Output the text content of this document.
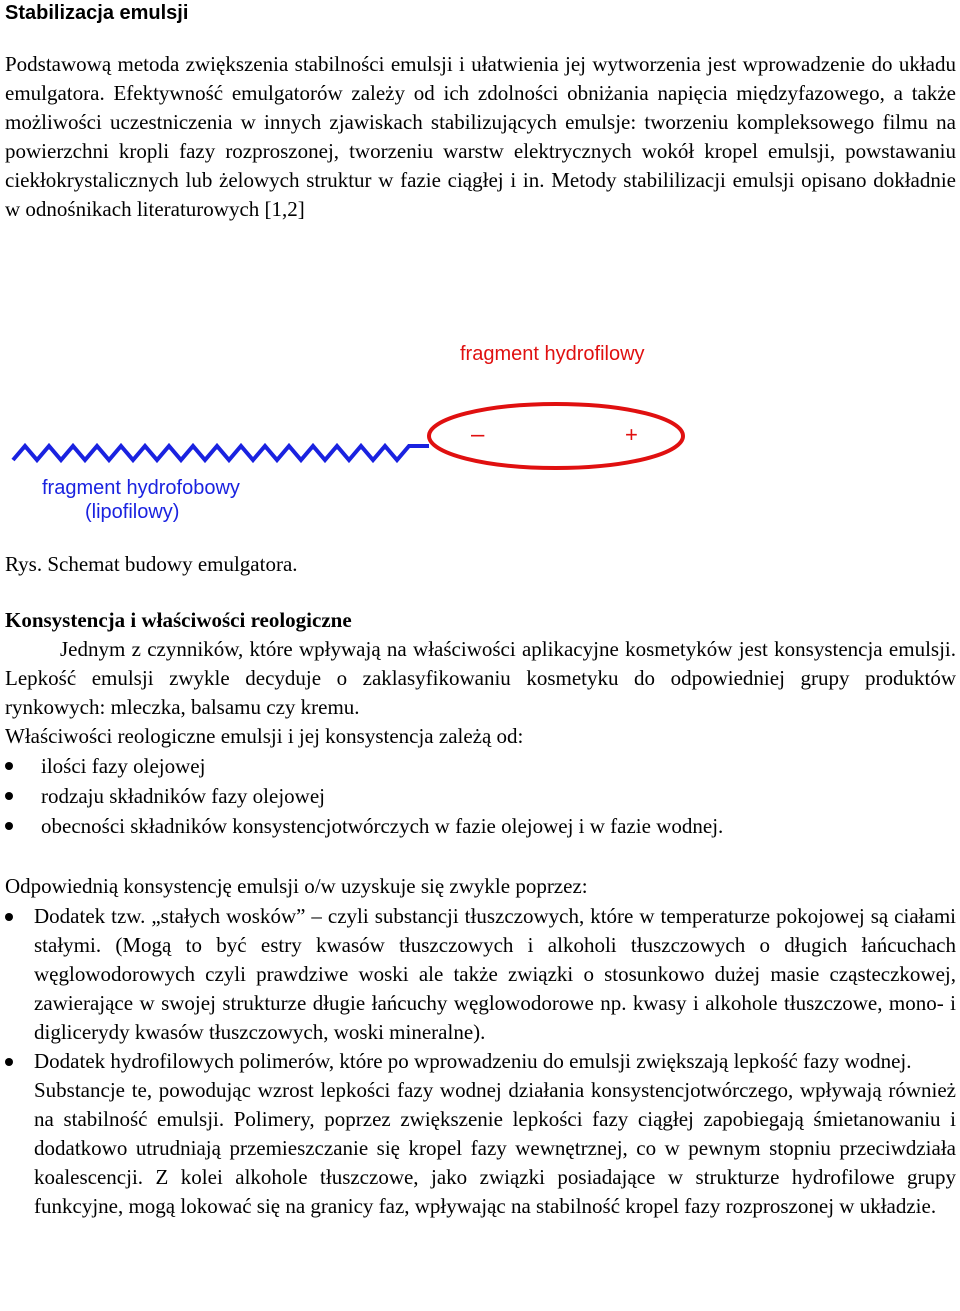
Stabilizacja emulsji

Podstawową metoda zwiększenia stabilności emulsji i ułatwienia jej wytworzenia jest wprowadzenie do układu emulgatora. Efektywność emulgatorów zależy od ich zdolności obniżania napięcia międzyfazowego, a także możliwości uczestniczenia w innych zjawiskach stabilizujących emulsje: tworzeniu kompleksowego filmu na powierzchni kropli fazy rozproszonej, tworzeniu warstw elektrycznych wokół kropel emulsji, powstawaniu ciekłokrystalicznych lub żelowych struktur w fazie ciągłej i in. Metody stabililizacji emulsji opisano dokładnie w odnośnikach literaturowych [1,2]

–	+
fragment hydrofilowy
fragment hydrofobowy
(lipofilowy)

Rys. Schemat budowy emulgatora.

Konsystencja i właściwości reologiczne

Jednym z czynników, które wpływają na właściwości aplikacyjne kosmetyków jest konsystencja emulsji. Lepkość emulsji zwykle decyduje o zaklasyfikowaniu kosmetyku do odpowiedniej grupy produktów rynkowych: mleczka, balsamu czy kremu.

Właściwości reologiczne emulsji i jej konsystencja zależą od:

ilości fazy olejowej
rodzaju składników fazy olejowej
obecności składników konsystencjotwórczych w fazie olejowej i w fazie wodnej.

Odpowiednią konsystencję emulsji o/w uzyskuje się zwykle poprzez:

Dodatek tzw. „stałych wosków” – czyli substancji tłuszczowych, które w temperaturze pokojowej są ciałami stałymi. (Mogą to być estry kwasów tłuszczowych i alkoholi tłuszczowych o długich łańcuchach węglowodorowych czyli prawdziwe woski ale także związki o stosunkowo dużej masie cząsteczkowej, zawierające w swojej strukturze długie łańcuchy węglowodorowe np. kwasy i alkohole tłuszczowe, mono- i diglicerydy kwasów tłuszczowych, woski mineralne).
Dodatek hydrofilowych polimerów, które po wprowadzeniu do emulsji zwiększają lepkość fazy wodnej.
Substancje te, powodując wzrost lepkości fazy wodnej działania konsystencjotwórczego, wpływają również na stabilność emulsji. Polimery, poprzez zwiększenie lepkości fazy ciągłej zapobiegają śmietanowaniu i dodatkowo utrudniają przemieszczanie się kropel fazy wewnętrznej, co w pewnym stopniu przeciwdziała koalescencji. Z kolei alkohole tłuszczowe, jako związki posiadające w strukturze hydrofilowe grupy funkcyjne, mogą lokować się na granicy faz, wpływając na stabilność kropel fazy rozproszonej w układzie.
